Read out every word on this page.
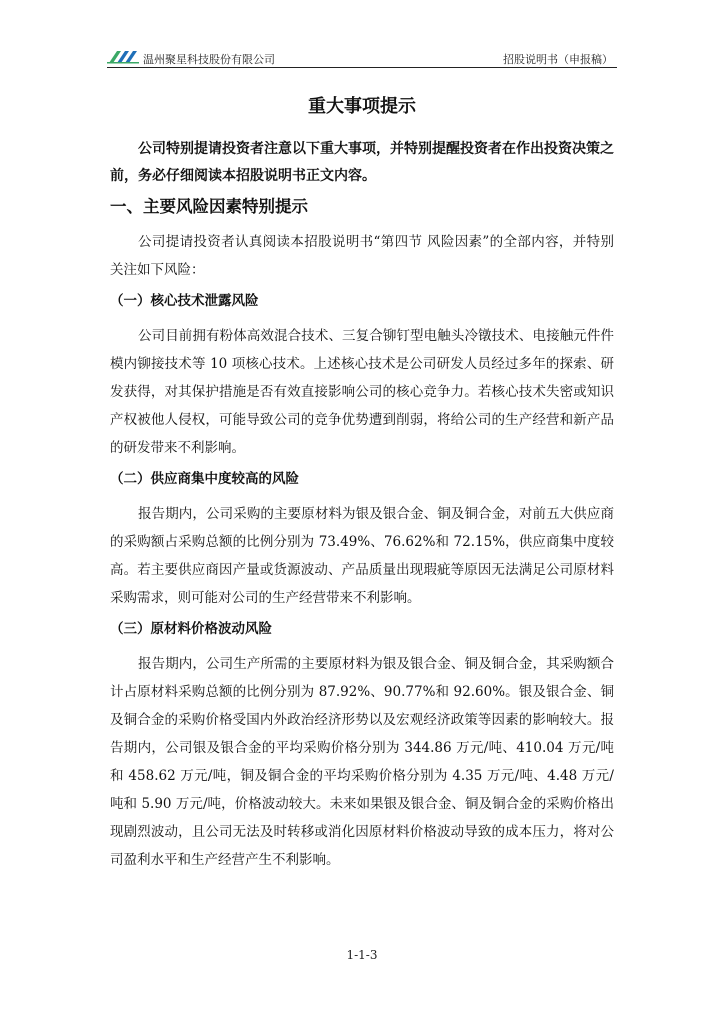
温州聚星科技股份有限公司	招股说明书（申报稿）
重大事项提示

公司特别提请投资者注意以下重大事项，并特别提醒投资者在作出投资决策之前，务必仔细阅读本招股说明书正文内容。

一、主要风险因素特别提示

公司提请投资者认真阅读本招股说明书“第四节 风险因素”的全部内容，并特别关注如下风险：

（一）核心技术泄露风险

公司目前拥有粉体高效混合技术、三复合铆钉型电触头冷镦技术、电接触元件件模内铆接技术等 10 项核心技术。上述核心技术是公司研发人员经过多年的探索、研发获得，对其保护措施是否有效直接影响公司的核心竞争力。若核心技术失密或知识产权被他人侵权，可能导致公司的竞争优势遭到削弱，将给公司的生产经营和新产品的研发带来不利影响。

（二）供应商集中度较高的风险

报告期内，公司采购的主要原材料为银及银合金、铜及铜合金，对前五大供应商的采购额占采购总额的比例分别为 73.49%、76.62%和 72.15%，供应商集中度较高。若主要供应商因产量或货源波动、产品质量出现瑕疵等原因无法满足公司原材料采购需求，则可能对公司的生产经营带来不利影响。

（三）原材料价格波动风险

报告期内，公司生产所需的主要原材料为银及银合金、铜及铜合金，其采购额合计占原材料采购总额的比例分别为 87.92%、90.77%和 92.60%。银及银合金、铜及铜合金的采购价格受国内外政治经济形势以及宏观经济政策等因素的影响较大。报告期内，公司银及银合金的平均采购价格分别为 344.86 万元/吨、410.04 万元/吨和 458.62 万元/吨，铜及铜合金的平均采购价格分别为 4.35 万元/吨、4.48 万元/吨和 5.90 万元/吨，价格波动较大。未来如果银及银合金、铜及铜合金的采购价格出现剧烈波动，且公司无法及时转移或消化因原材料价格波动导致的成本压力，将对公司盈利水平和生产经营产生不利影响。

1-1-3
